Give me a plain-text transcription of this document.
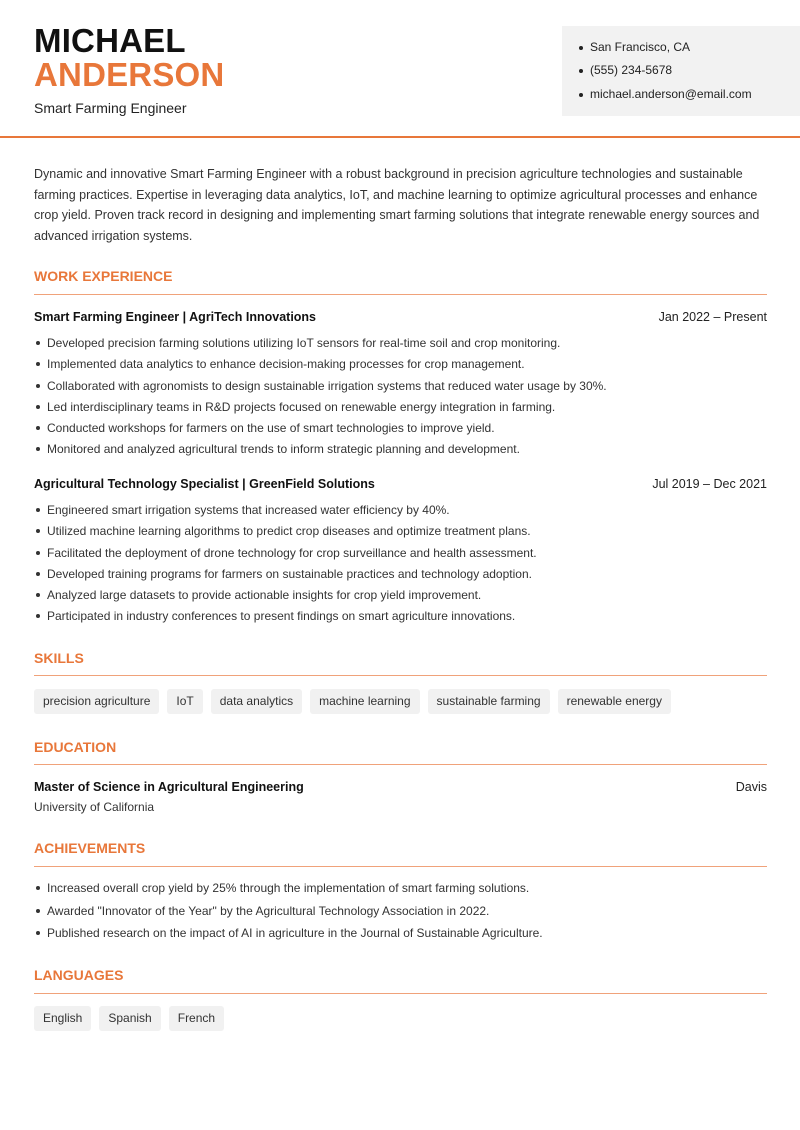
MICHAEL
ANDERSON
Smart Farming Engineer
San Francisco, CA
(555) 234-5678
michael.anderson@email.com
Dynamic and innovative Smart Farming Engineer with a robust background in precision agriculture technologies and sustainable farming practices. Expertise in leveraging data analytics, IoT, and machine learning to optimize agricultural processes and enhance crop yield. Proven track record in designing and implementing smart farming solutions that integrate renewable energy sources and advanced irrigation systems.
WORK EXPERIENCE
Smart Farming Engineer | AgriTech Innovations	Jan 2022 – Present
Developed precision farming solutions utilizing IoT sensors for real-time soil and crop monitoring.
Implemented data analytics to enhance decision-making processes for crop management.
Collaborated with agronomists to design sustainable irrigation systems that reduced water usage by 30%.
Led interdisciplinary teams in R&D projects focused on renewable energy integration in farming.
Conducted workshops for farmers on the use of smart technologies to improve yield.
Monitored and analyzed agricultural trends to inform strategic planning and development.
Agricultural Technology Specialist | GreenField Solutions	Jul 2019 – Dec 2021
Engineered smart irrigation systems that increased water efficiency by 40%.
Utilized machine learning algorithms to predict crop diseases and optimize treatment plans.
Facilitated the deployment of drone technology for crop surveillance and health assessment.
Developed training programs for farmers on sustainable practices and technology adoption.
Analyzed large datasets to provide actionable insights for crop yield improvement.
Participated in industry conferences to present findings on smart agriculture innovations.
SKILLS
precision agriculture	IoT	data analytics	machine learning	sustainable farming	renewable energy
EDUCATION
Master of Science in Agricultural Engineering	Davis
University of California
ACHIEVEMENTS
Increased overall crop yield by 25% through the implementation of smart farming solutions.
Awarded "Innovator of the Year" by the Agricultural Technology Association in 2022.
Published research on the impact of AI in agriculture in the Journal of Sustainable Agriculture.
LANGUAGES
English	Spanish	French
